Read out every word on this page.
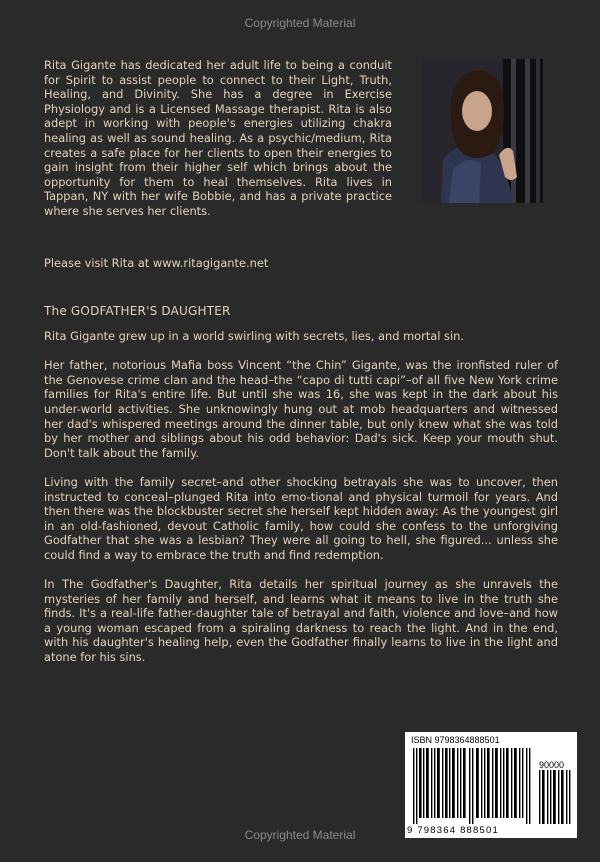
Copyrighted Material
Rita Gigante has dedicated her adult life to being a conduit for Spirit to assist people to connect to their Light, Truth, Healing, and Divinity. She has a degree in Exercise Physiology and is a Licensed Massage therapist. Rita is also adept in working with people's energies utilizing chakra healing as well as sound healing. As a psychic/medium, Rita creates a safe place for her clients to open their energies to gain insight from their higher self which brings about the opportunity for them to heal themselves. Rita lives in Tappan, NY with her wife Bobbie, and has a private practice where she serves her clients.
Please visit Rita at www.ritagigante.net
The GODFATHER'S DAUGHTER

Rita Gigante grew up in a world swirling with secrets, lies, and mortal sin.

Her father, notorious Mafia boss Vincent “the Chin” Gigante, was the ironfisted ruler of the Genovese crime clan and the head–the “capo di tutti capi”–of all five New York crime families for Rita's entire life. But until she was 16, she was kept in the dark about his under-world activities. She unknowingly hung out at mob headquarters and witnessed her dad's whispered meetings around the dinner table, but only knew what she was told by her mother and siblings about his odd behavior: Dad's sick. Keep your mouth shut. Don't talk about the family.

Living with the family secret–and other shocking betrayals she was to uncover, then instructed to conceal–plunged Rita into emo-tional and physical turmoil for years. And then there was the blockbuster secret she herself kept hidden away: As the youngest girl in an old-fashioned, devout Catholic family, how could she confess to the unforgiving Godfather that she was a lesbian? They were all going to hell, she figured... unless she could find a way to embrace the truth and find redemption.

In The Godfather's Daughter, Rita details her spiritual journey as she unravels the mysteries of her family and herself, and learns what it means to live in the truth she finds. It's a real-life father-daughter tale of betrayal and faith, violence and love–and how a young woman escaped from a spiraling darkness to reach the light. And in the end, with his daughter's healing help, even the Godfather finally learns to live in the light and atone for his sins.

ISBN 9798364888501
90000
9 798364 888501
Copyrighted Material
